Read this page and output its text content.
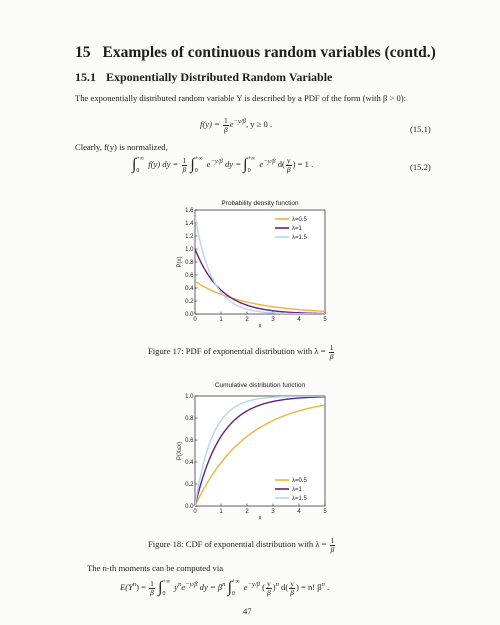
15 Examples of continuous random variables (contd.)
15.1 Exponentially Distributed Random Variable
The exponentially distributed random variable Y is described by a PDF of the form (with β > 0):
$f(y) = \frac{1}{\beta} e^{-y/\beta}$, y ≥ 0 .
(15.1)
Clearly, f(y) is normalized,
∫+∞
0 f(y) dy = $\frac{1}{\beta}$ ∫+∞
0 $e^{-y/\beta}$ dy = ∫+∞
0 $e^{-y/\beta}$ $d( \frac{y}{\beta}$ ) = 1 .	(15.2)
Probability density function
0	1	2	3	4	5
0.0
0.2
0.4
0.6
0.8
1.0
1.2
1.4
1.6
x
P(x)
λ=0.5
λ=1
λ=1.5
Figure 17: PDF of exponential distribution with $\lambda = \frac{1}{\beta}$
Cumulative distribution function
0	1	2	3	4	5
0.0
0.2
0.4
0.6
0.8
1.0
x
P(X≤x)
λ=0.5
λ=1
λ=1.5
Figure 18: CDF of exponential distribution with $\lambda = \frac{1}{\beta}$
The n-th moments can be computed via
$E(Y^n) = \frac{1}{\beta}$ ∫+∞
0 $y^ne^{-y/\beta}$ dy = $\beta^n$ ∫+∞
0 $e^{-y/\beta}$ ( $\frac{y}{\beta} )^n$ $d( \frac{y}{\beta}$ ) = n! $\beta^n$ .
47
